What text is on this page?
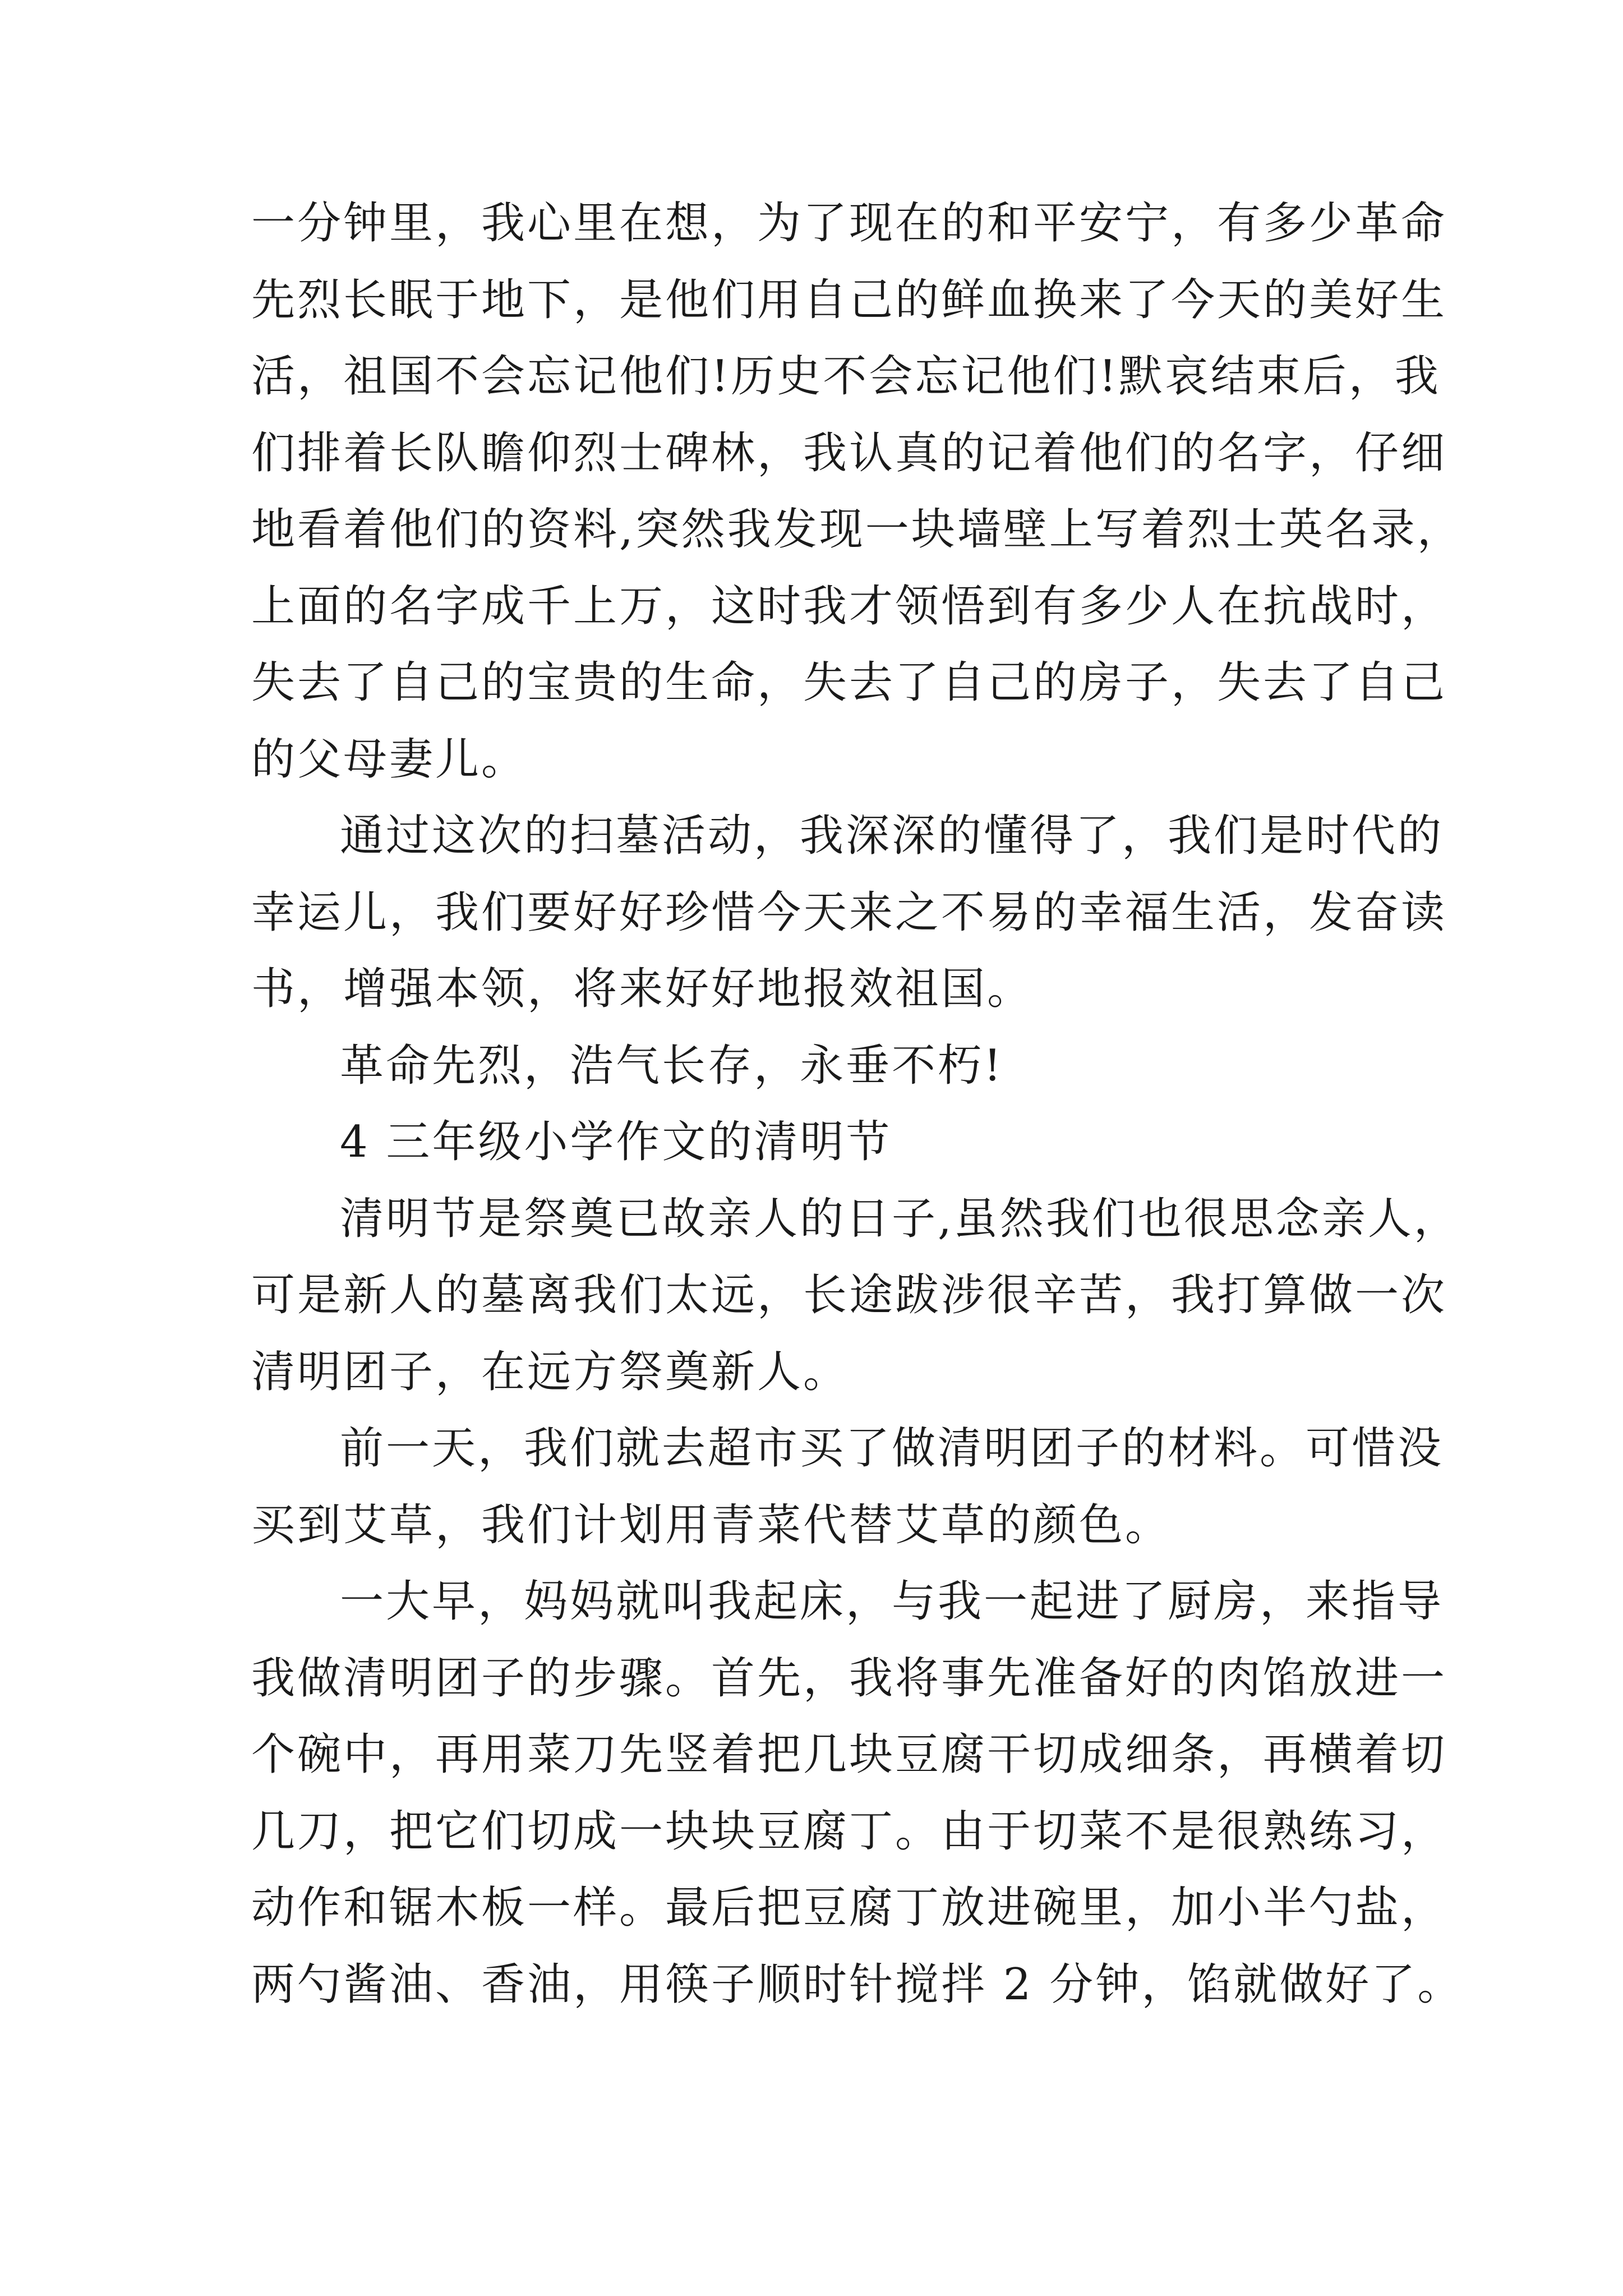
一分钟里，我心里在想，为了现在的和平安宁，有多少革命
先烈长眠于地下，是他们用自己的鲜血换来了今天的美好生
活，祖国不会忘记他们!历史不会忘记他们!默哀结束后，我
们排着长队瞻仰烈士碑林，我认真的记着他们的名字，仔细
地看着他们的资料,突然我发现一块墙壁上写着烈士英名录，
上面的名字成千上万，这时我才领悟到有多少人在抗战时，
失去了自己的宝贵的生命，失去了自己的房子，失去了自己
的父母妻儿。
通过这次的扫墓活动，我深深的懂得了，我们是时代的
幸运儿，我们要好好珍惜今天来之不易的幸福生活，发奋读
书，增强本领，将来好好地报效祖国。
革命先烈，浩气长存，永垂不朽!
4 三年级小学作文的清明节
清明节是祭奠已故亲人的日子,虽然我们也很思念亲人，
可是新人的墓离我们太远，长途跋涉很辛苦，我打算做一次
清明团子，在远方祭奠新人。
前一天，我们就去超市买了做清明团子的材料。可惜没
买到艾草，我们计划用青菜代替艾草的颜色。
一大早，妈妈就叫我起床，与我一起进了厨房，来指导
我做清明团子的步骤。首先，我将事先准备好的肉馅放进一
个碗中，再用菜刀先竖着把几块豆腐干切成细条，再横着切
几刀，把它们切成一块块豆腐丁。由于切菜不是很熟练习，
动作和锯木板一样。最后把豆腐丁放进碗里，加小半勺盐，
两勺酱油、香油，用筷子顺时针搅拌 2 分钟，馅就做好了。
